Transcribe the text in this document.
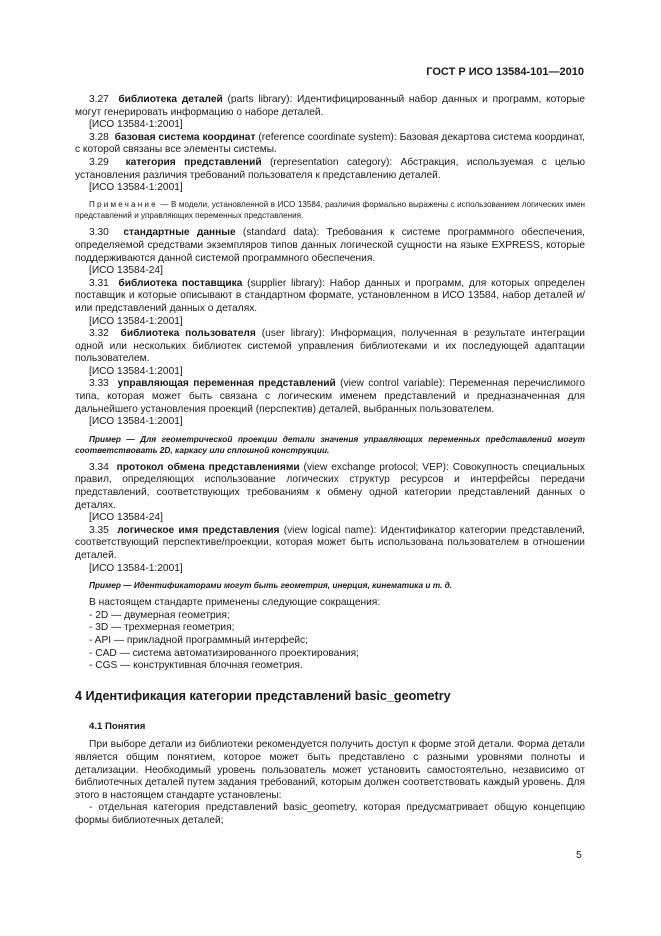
ГОСТ Р ИСО 13584-101—2010

3.27 библиотека деталей (parts library): Идентифицированный набор данных и программ, которые могут генерировать информацию о наборе деталей.

[ИСО 13584-1:2001]

3.28 базовая система координат (reference coordinate system): Базовая декартова система координат, с которой связаны все элементы системы.

3.29 категория представлений (representation category): Абстракция, используемая с целью установления различия требований пользователя к представлению деталей.

[ИСО 13584-1:2001]

Примечание — В модели, установленной в ИСО 13584, различия формально выражены с использованием логических имен представлений и управляющих переменных представления.

3.30 стандартные данные (standard data): Требования к системе программного обеспечения, определяемой средствами экземпляров типов данных логической сущности на языке EXPRESS, которые поддерживаются данной системой программного обеспечения.

[ИСО 13584-24]

3.31 библиотека поставщика (supplier library): Набор данных и программ, для которых определен поставщик и которые описывают в стандартном формате, установленном в ИСО 13584, набор деталей и/или представлений данных о деталях.

[ИСО 13584-1:2001]

3.32 библиотека пользователя (user library): Информация, полученная в результате интеграции одной или нескольких библиотек системой управления библиотеками и их последующей адаптации пользователем.

[ИСО 13584-1:2001]

3.33 управляющая переменная представлений (view control variable): Переменная перечислимого типа, которая может быть связана с логическим именем представлений и предназначенная для дальнейшего установления проекций (перспектив) деталей, выбранных пользователем.

[ИСО 13584-1:2001]

Пример — Для геометрической проекции детали значения управляющих переменных представлений могут соответствовать 2D, каркасу или сплошной конструкции.

3.34 протокол обмена представлениями (view exchange protocol; VEP): Совокупность специальных правил, определяющих использование логических структур ресурсов и интерфейсы передачи представлений, соответствующих требованиям к обмену одной категории представлений данных о деталях.

[ИСО 13584-24]

3.35 логическое имя представления (view logical name): Идентификатор категории представлений, соответствующий перспективе/проекции, которая может быть использована пользователем в отношении деталей.

[ИСО 13584-1:2001]

Пример — Идентификаторами могут быть геометрия, инерция, кинематика и т. д.

В настоящем стандарте применены следующие сокращения:

- 2D — двумерная геометрия;
- 3D — трехмерная геометрия;
- API — прикладной программный интерфейс;
- CAD — система автоматизированного проектирования;
- CGS — конструктивная блочная геометрия.
4 Идентификация категории представлений basic_geometry
4.1 Понятия

При выборе детали из библиотеки рекомендуется получить доступ к форме этой детали. Форма детали является общим понятием, которое может быть представлено с разными уровнями полноты и детализации. Необходимый уровень пользователь может установить самостоятельно, независимо от библиотечных деталей путем задания требований, которым должен соответствовать каждый уровень. Для этого в настоящем стандарте установлены:

- отдельная категория представлений basic_geometry, которая предусматривает общую концепцию формы библиотечных деталей;

5
